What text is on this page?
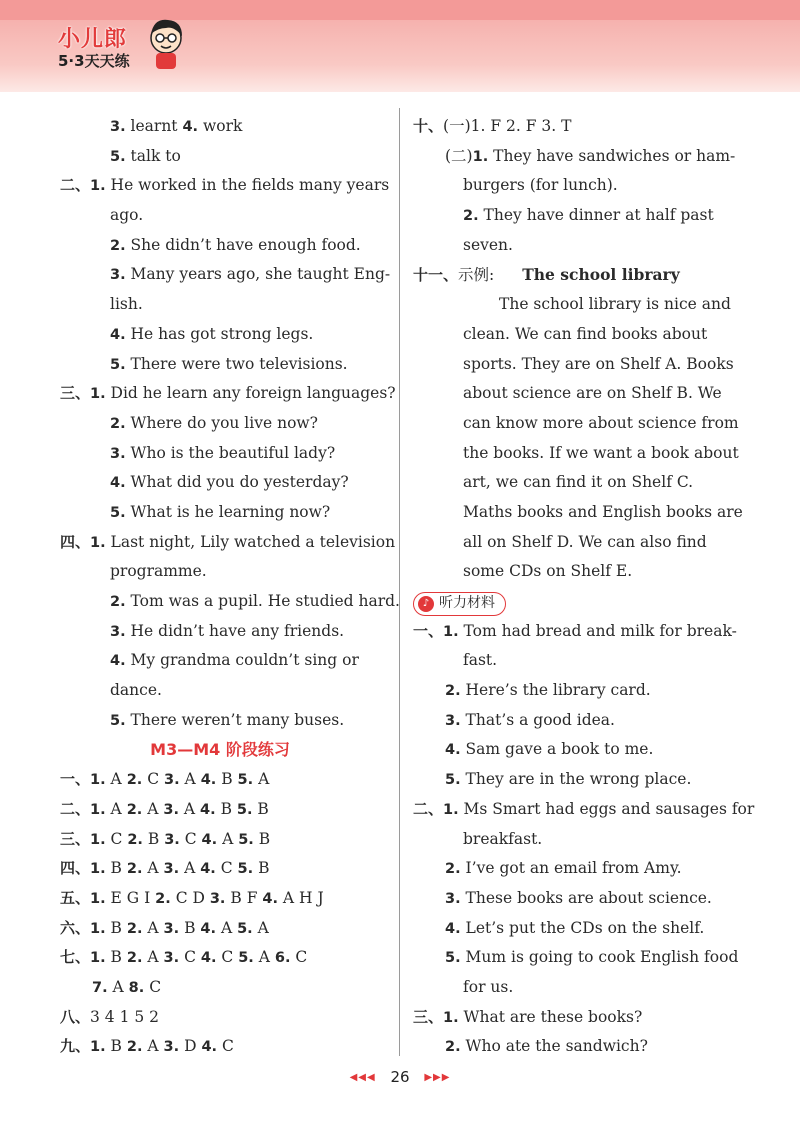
小儿郎
5·3天天练
3. learnt 4. work
5. talk to
二、1. He worked in the fields many years
ago.
2. She didn’t have enough food.
3. Many years ago, she taught Eng-
lish.
4. He has got strong legs.
5. There were two televisions.
三、1. Did he learn any foreign languages?
2. Where do you live now?
3. Who is the beautiful lady?
4. What did you do yesterday?
5. What is he learning now?
四、1. Last night, Lily watched a television
programme.
2. Tom was a pupil. He studied hard.
3. He didn’t have any friends.
4. My grandma couldn’t sing or
dance.
5. There weren’t many buses.
M3—M4 阶段练习
一、1. A 2. C 3. A 4. B 5. A
二、1. A 2. A 3. A 4. B 5. B
三、1. C 2. B 3. C 4. A 5. B
四、1. B 2. A 3. A 4. C 5. B
五、1. E G I 2. C D 3. B F 4. A H J
六、1. B 2. A 3. B 4. A 5. A
七、1. B 2. A 3. C 4. C 5. A 6. C
7. A 8. C
八、3 4 1 5 2
九、1. B 2. A 3. D 4. C
十、(一)1. F 2. F 3. T
(二)1. They have sandwiches or ham-
burgers (for lunch).
2. They have dinner at half past
seven.
十一、示例: The school library
The school library is nice and
clean. We can find books about
sports. They are on Shelf A. Books
about science are on Shelf B. We
can know more about science from
the books. If we want a book about
art, we can find it on Shelf C.
Maths books and English books are
all on Shelf D. We can also find
some CDs on Shelf E.
♪ 听力材料
一、1. Tom had bread and milk for break-
fast.
2. Here’s the library card.
3. That’s a good idea.
4. Sam gave a book to me.
5. They are in the wrong place.
二、1. Ms Smart had eggs and sausages for
breakfast.
2. I’ve got an email from Amy.
3. These books are about science.
4. Let’s put the CDs on the shelf.
5. Mum is going to cook English food
for us.
三、1. What are these books?
2. Who ate the sandwich?
◀◀◀ 26 ▶▶▶
